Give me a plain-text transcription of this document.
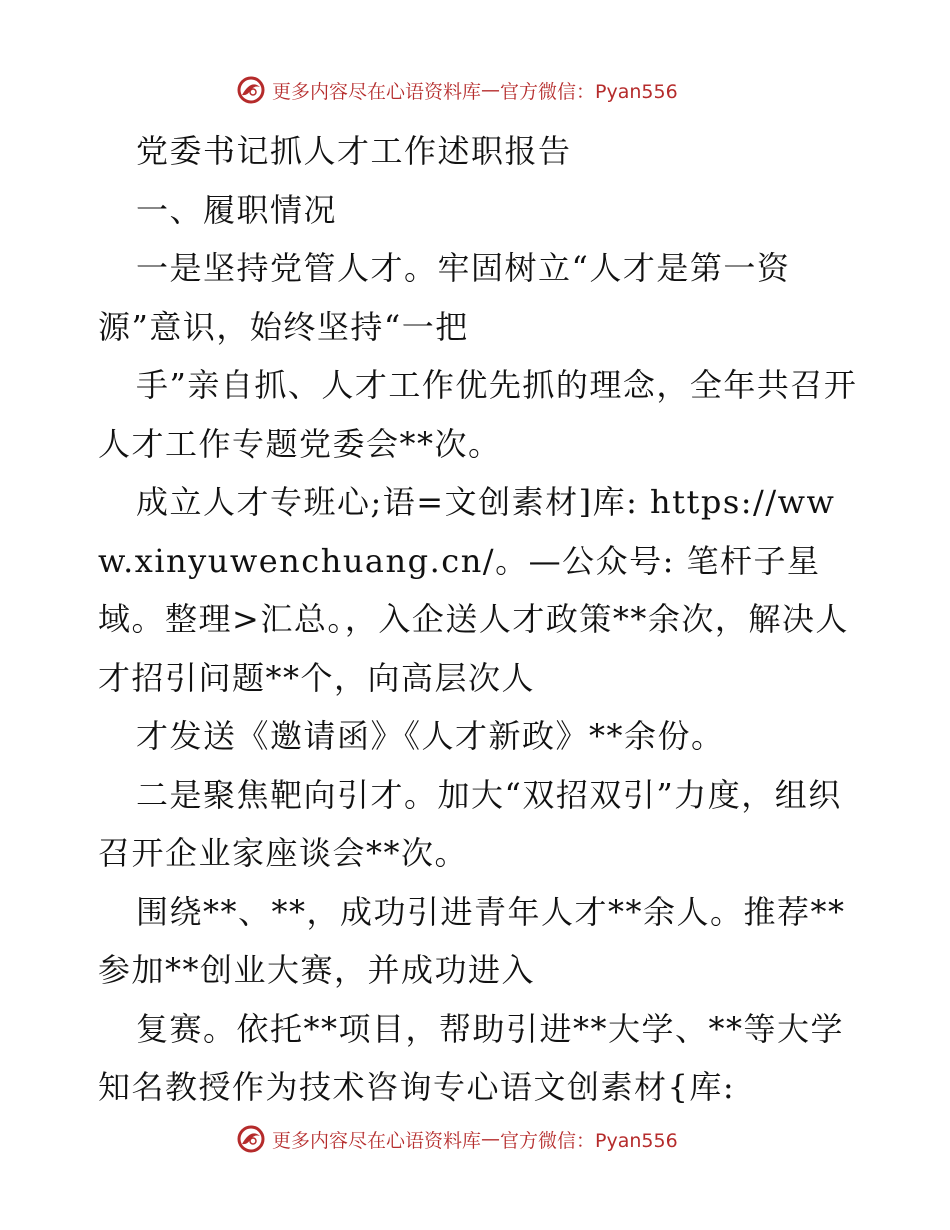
更多内容尽在心语资料库 — 官方微信：Pyan556

党委书记抓人才工作述职报告

一、履职情况

一是坚持党管人才。牢固树立“人才是第一资源”意识，始终坚持“一把

手”亲自抓、人才工作优先抓的理念，全年共召开人才工作专题党委会**次。

成立人才专班心;语=文创素材]库: https://www.xinyuwenchuang.cn/。—公众号: 笔杆子星域。整理>汇总。，入企送人才政策**余次，解决人才招引问题**个，向高层次人

才发送《邀请函》《人才新政》**余份。

二是聚焦靶向引才。加大“双招双引”力度，组织召开企业家座谈会**次。

围绕**、**，成功引进青年人才**余人。推荐**参加**创业大赛，并成功进入

复赛。依托**项目，帮助引进**大学、**等大学知名教授作为技术咨询专心语文创素材{库:

更多内容尽在心语资料库 — 官方微信：Pyan556
